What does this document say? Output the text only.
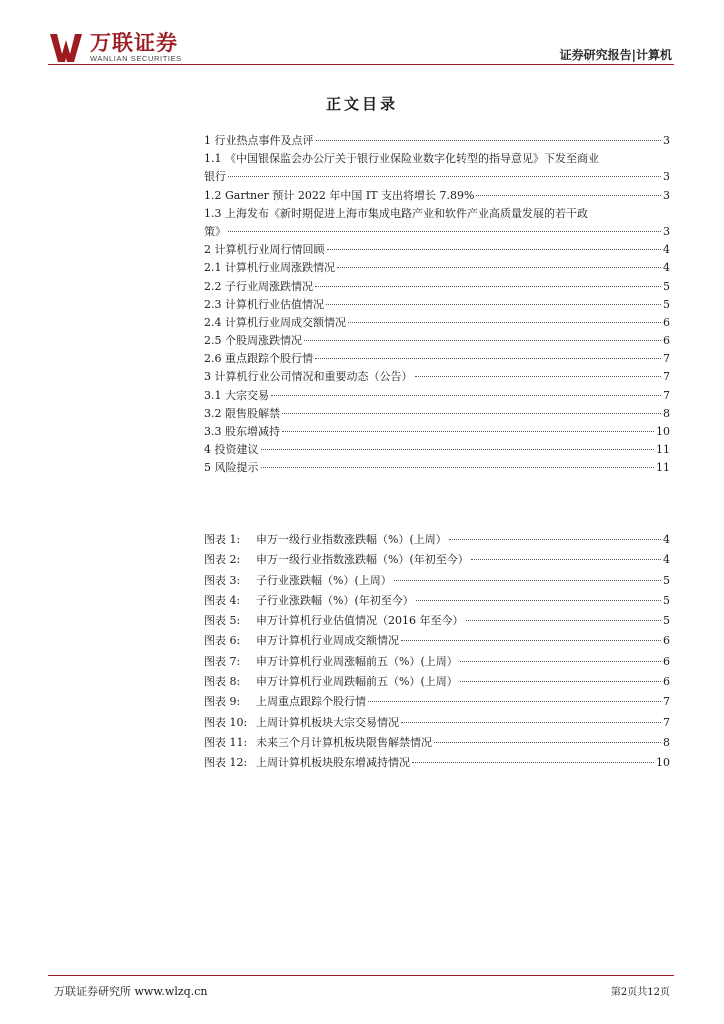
万联证券
WANLIAN SECURITIES	证券研究报告|计算机
正文目录
1 行业热点事件及点评	3
1.1 《中国银保监会办公厅关于银行业保险业数字化转型的指导意见》下发至商业
银行	3
1.2 Gartner 预计 2022 年中国 IT 支出将增长 7.89%	3
1.3 上海发布《新时期促进上海市集成电路产业和软件产业高质量发展的若干政
策》	3
2 计算机行业周行情回顾	4
2.1 计算机行业周涨跌情况	4
2.2 子行业周涨跌情况	5
2.3 计算机行业估值情况	5
2.4 计算机行业周成交额情况	6
2.5 个股周涨跌情况	6
2.6 重点跟踪个股行情	7
3 计算机行业公司情况和重要动态（公告）	7
3.1 大宗交易	7
3.2 限售股解禁	8
3.3 股东增减持	10
4 投资建议	11
5 风险提示	11
图表 1: 申万一级行业指数涨跌幅（%）(上周）	4
图表 2: 申万一级行业指数涨跌幅（%）(年初至今）	4
图表 3: 子行业涨跌幅（%）(上周）	5
图表 4: 子行业涨跌幅（%）(年初至今）	5
图表 5: 申万计算机行业估值情况（2016 年至今）	5
图表 6: 申万计算机行业周成交额情况	6
图表 7: 申万计算机行业周涨幅前五（%）(上周）	6
图表 8: 申万计算机行业周跌幅前五（%）(上周）	6
图表 9: 上周重点跟踪个股行情	7
图表 10: 上周计算机板块大宗交易情况	7
图表 11: 未来三个月计算机板块限售解禁情况	8
图表 12: 上周计算机板块股东增减持情况	10
万联证券研究所 www.wlzq.cn	第2页共12页
